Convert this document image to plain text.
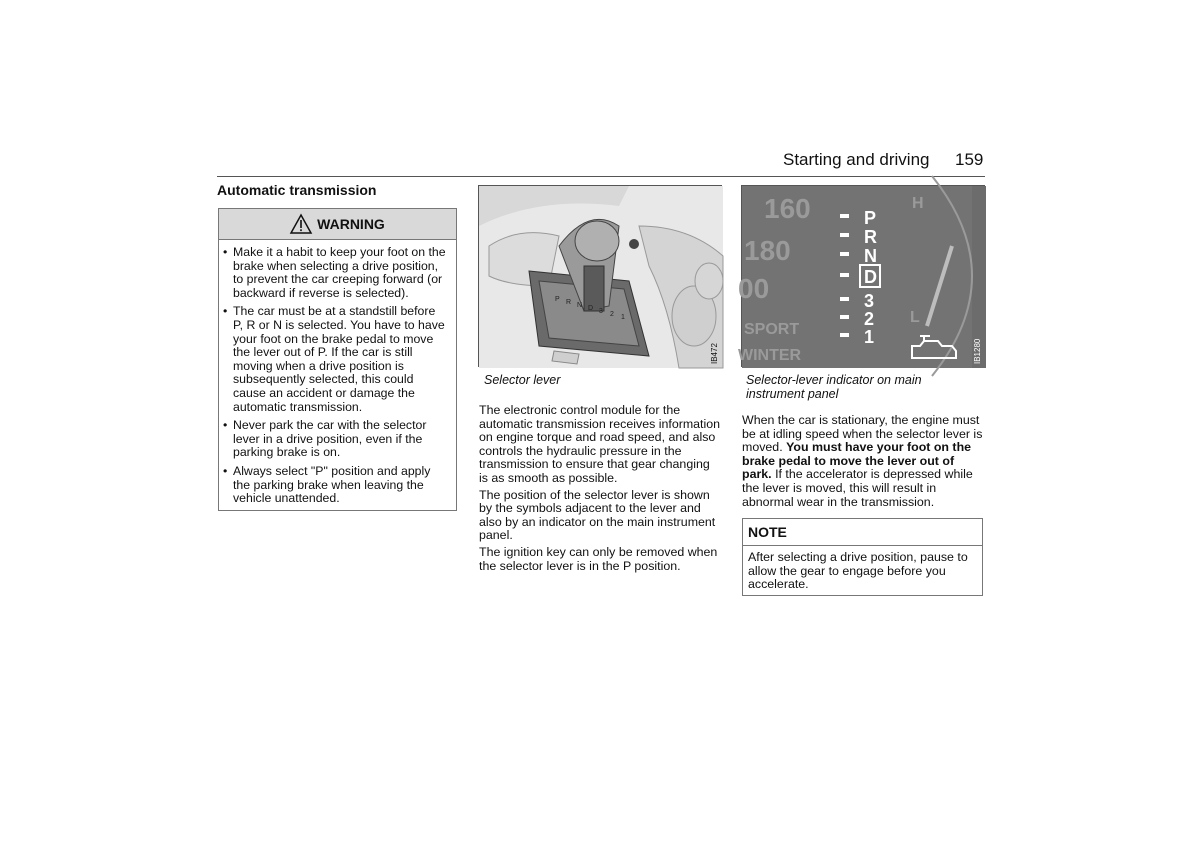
Starting and driving 159
Automatic transmission
WARNING
• Make it a habit to keep your foot on the brake when selecting a drive position, to prevent the car creeping forward (or backward if reverse is selected).
• The car must be at a standstill before P, R or N is selected. You have to have your foot on the brake pedal to move the lever out of P. If the car is still moving when a drive position is subsequently selected, this could cause an accident or damage the automatic transmission.
• Never park the car with the selector lever in a drive position, even if the parking brake is on.
• Always select "P" position and apply the parking brake when leaving the vehicle unattended.
P R N D 3 2 1
IB472
Selector lever
160
180
00
SPORT
WINTER
H
L
P
R
N
D
3
2
1
IB1280
Selector-lever indicator on main instrument panel

The electronic control module for the automatic transmission receives information on engine torque and road speed, and also controls the hydraulic pressure in the transmission to ensure that gear changing is as smooth as possible.

The position of the selector lever is shown by the symbols adjacent to the lever and also by an indicator on the main instrument panel.

The ignition key can only be removed when the selector lever is in the P position.

When the car is stationary, the engine must be at idling speed when the selector lever is moved. You must have your foot on the brake pedal to move the lever out of park. If the accelerator is depressed while the lever is moved, this will result in abnormal wear in the transmission.
NOTE
After selecting a drive position, pause to allow the gear to engage before you accelerate.
